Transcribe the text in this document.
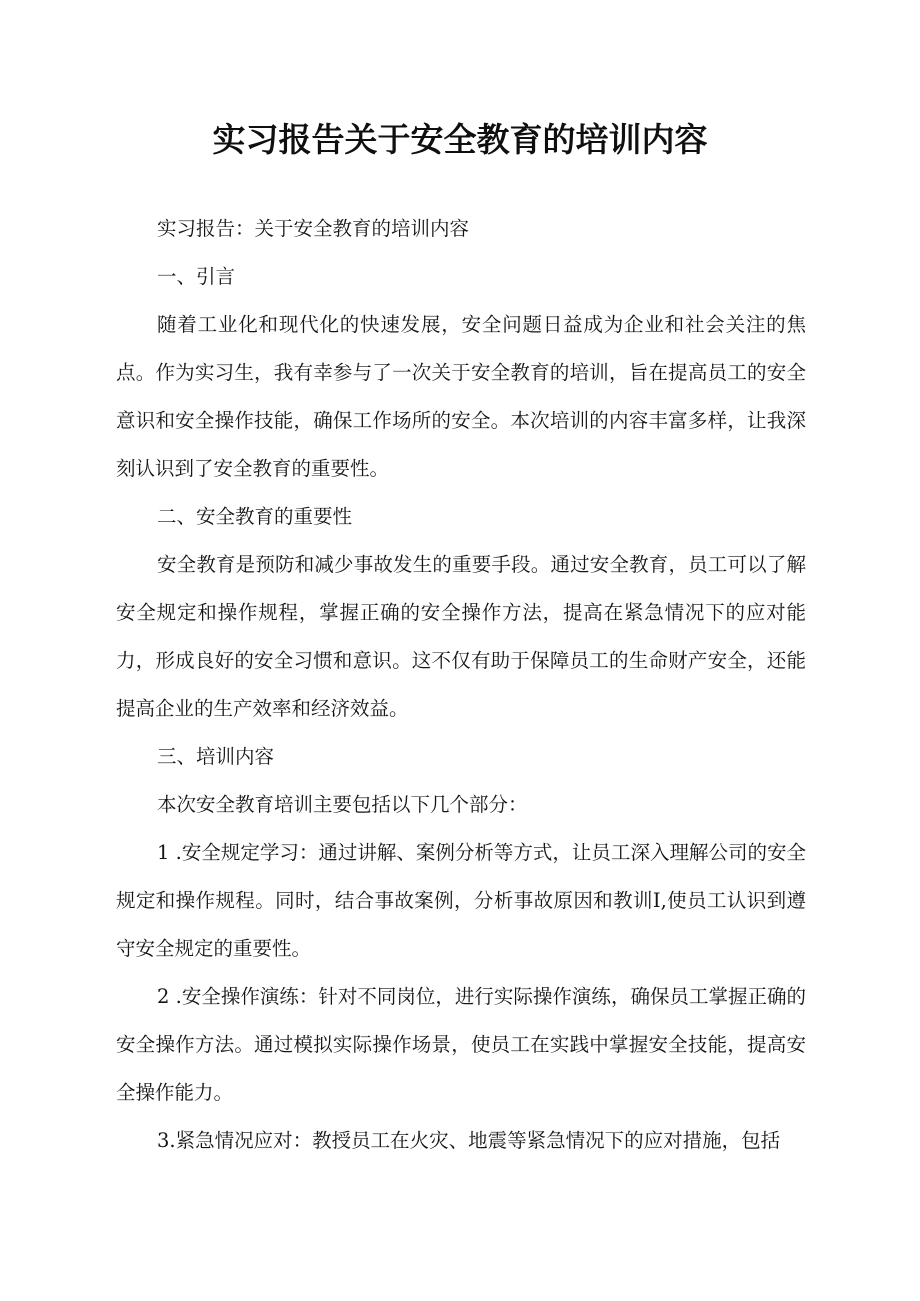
实习报告关于安全教育的培训内容

实习报告：关于安全教育的培训内容

一、引言

随着工业化和现代化的快速发展，安全问题日益成为企业和社会关注的焦点。作为实习生，我有幸参与了一次关于安全教育的培训，旨在提高员工的安全意识和安全操作技能，确保工作场所的安全。本次培训的内容丰富多样，让我深刻认识到了安全教育的重要性。

二、安全教育的重要性

安全教育是预防和减少事故发生的重要手段。通过安全教育，员工可以了解安全规定和操作规程，掌握正确的安全操作方法，提高在紧急情况下的应对能力，形成良好的安全习惯和意识。这不仅有助于保障员工的生命财产安全，还能提高企业的生产效率和经济效益。

三、培训内容

本次安全教育培训主要包括以下几个部分：

1 .安全规定学习：通过讲解、案例分析等方式，让员工深入理解公司的安全规定和操作规程。同时，结合事故案例，分析事故原因和教训I,使员工认识到遵守安全规定的重要性。

2 .安全操作演练：针对不同岗位，进行实际操作演练，确保员工掌握正确的安全操作方法。通过模拟实际操作场景，使员工在实践中掌握安全技能，提高安全操作能力。

3.紧急情况应对：教授员工在火灾、地震等紧急情况下的应对措施，包括
